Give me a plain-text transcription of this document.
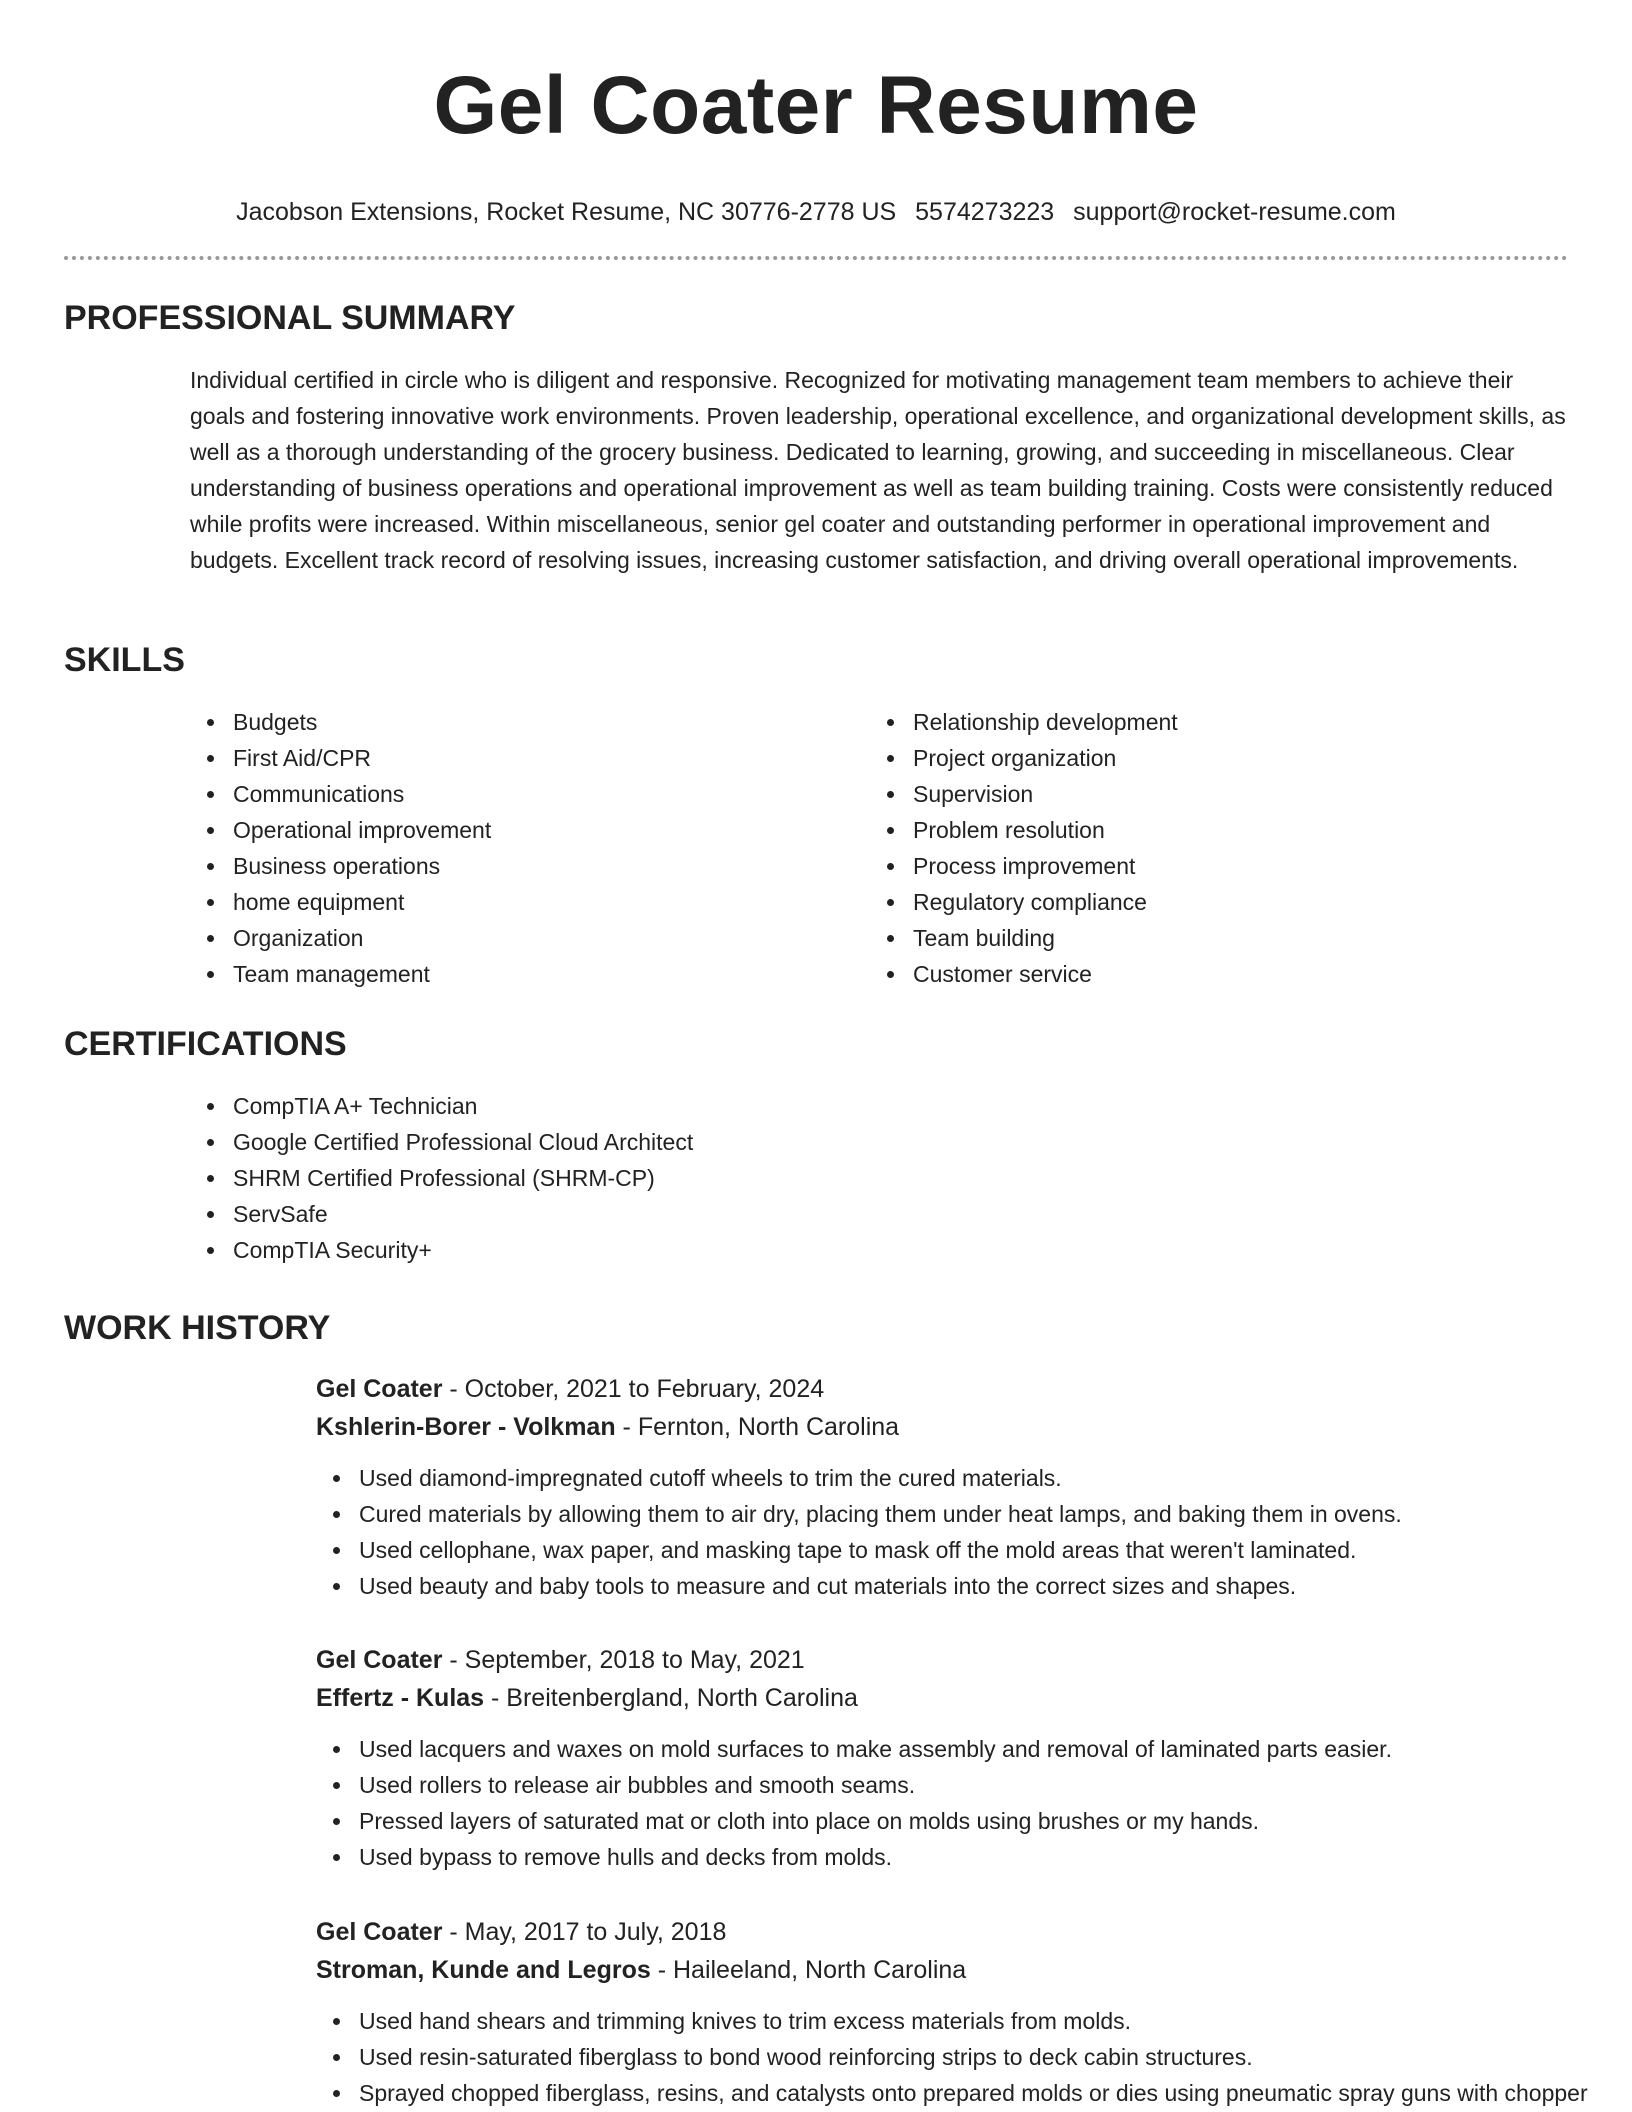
Gel Coater Resume
Jacobson Extensions, Rocket Resume, NC 30776-2778 US 5574273223 support@rocket-resume.com
PROFESSIONAL SUMMARY

Individual certified in circle who is diligent and responsive. Recognized for motivating management team members to achieve their goals and fostering innovative work environments. Proven leadership, operational excellence, and organizational development skills, as well as a thorough understanding of the grocery business. Dedicated to learning, growing, and succeeding in miscellaneous. Clear understanding of business operations and operational improvement as well as team building training. Costs were consistently reduced while profits were increased. Within miscellaneous, senior gel coater and outstanding performer in operational improvement and budgets. Excellent track record of resolving issues, increasing customer satisfaction, and driving overall operational improvements.

SKILLS
Budgets
First Aid/CPR
Communications
Operational improvement
Business operations
home equipment
Organization
Team management
Relationship development
Project organization
Supervision
Problem resolution
Process improvement
Regulatory compliance
Team building
Customer service
CERTIFICATIONS
CompTIA A+ Technician
Google Certified Professional Cloud Architect
SHRM Certified Professional (SHRM-CP)
ServSafe
CompTIA Security+
WORK HISTORY
Gel Coater - October, 2021 to February, 2024
Kshlerin-Borer - Volkman - Fernton, North Carolina
Used diamond-impregnated cutoff wheels to trim the cured materials.
Cured materials by allowing them to air dry, placing them under heat lamps, and baking them in ovens.
Used cellophane, wax paper, and masking tape to mask off the mold areas that weren't laminated.
Used beauty and baby tools to measure and cut materials into the correct sizes and shapes.
Gel Coater - September, 2018 to May, 2021
Effertz - Kulas - Breitenbergland, North Carolina
Used lacquers and waxes on mold surfaces to make assembly and removal of laminated parts easier.
Used rollers to release air bubbles and smooth seams.
Pressed layers of saturated mat or cloth into place on molds using brushes or my hands.
Used bypass to remove hulls and decks from molds.
Gel Coater - May, 2017 to July, 2018
Stroman, Kunde and Legros - Haileeland, North Carolina
Used hand shears and trimming knives to trim excess materials from molds.
Used resin-saturated fiberglass to bond wood reinforcing strips to deck cabin structures.
Sprayed chopped fiberglass, resins, and catalysts onto prepared molds or dies using pneumatic spray guns with chopper
